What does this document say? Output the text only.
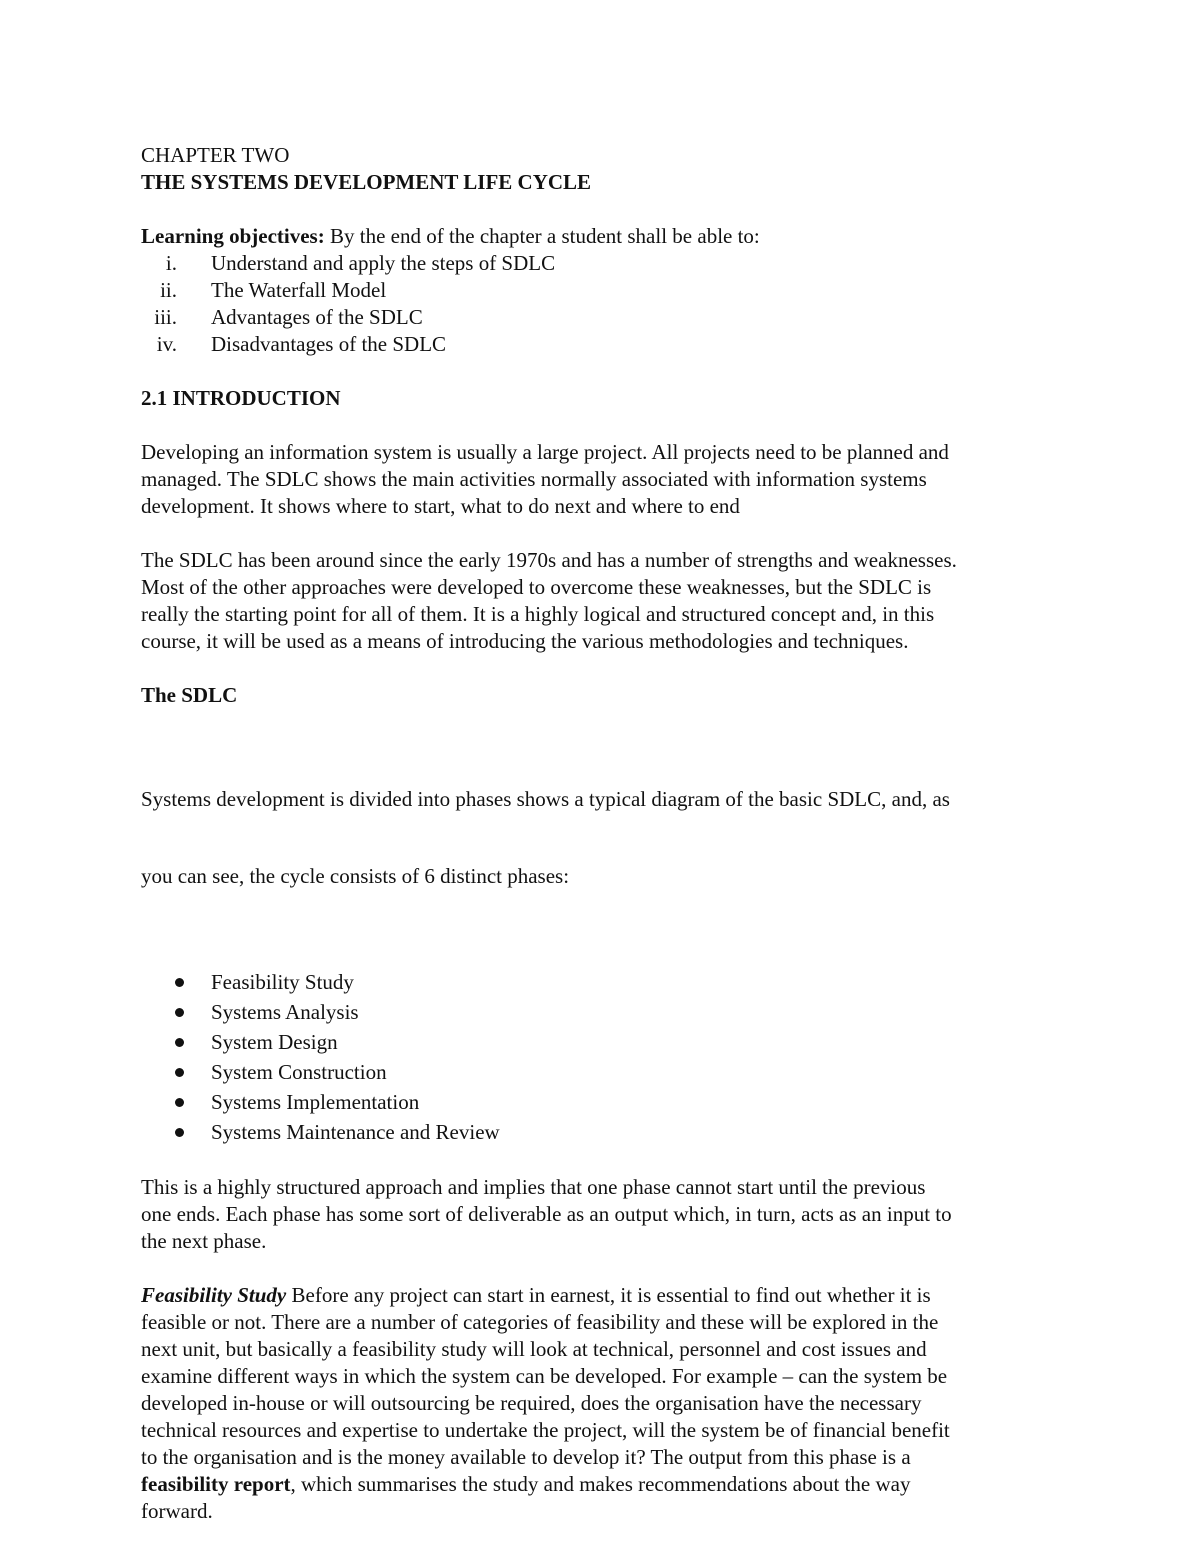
CHAPTER TWO
THE SYSTEMS DEVELOPMENT LIFE CYCLE
Learning objectives: By the end of the chapter a student shall be able to:
i. Understand and apply the steps of SDLC
ii. The Waterfall Model
iii. Advantages of the SDLC
iv. Disadvantages of the SDLC
2.1 INTRODUCTION
Developing an information system is usually a large project. All projects need to be planned and
managed. The SDLC shows the main activities normally associated with information systems
development. It shows where to start, what to do next and where to end
The SDLC has been around since the early 1970s and has a number of strengths and weaknesses.
Most of the other approaches were developed to overcome these weaknesses, but the SDLC is
really the starting point for all of them. It is a highly logical and structured concept and, in this
course, it will be used as a means of introducing the various methodologies and techniques.
The SDLC

Systems development is divided into phases shows a typical diagram of the basic SDLC, and, as

you can see, the cycle consists of 6 distinct phases:

Feasibility Study
Systems Analysis
System Design
System Construction
Systems Implementation
Systems Maintenance and Review
This is a highly structured approach and implies that one phase cannot start until the previous
one ends. Each phase has some sort of deliverable as an output which, in turn, acts as an input to
the next phase.
Feasibility Study Before any project can start in earnest, it is essential to find out whether it is
feasible or not. There are a number of categories of feasibility and these will be explored in the
next unit, but basically a feasibility study will look at technical, personnel and cost issues and
examine different ways in which the system can be developed. For example – can the system be
developed in-house or will outsourcing be required, does the organisation have the necessary
technical resources and expertise to undertake the project, will the system be of financial benefit
to the organisation and is the money available to develop it? The output from this phase is a
feasibility report, which summarises the study and makes recommendations about the way
forward.
